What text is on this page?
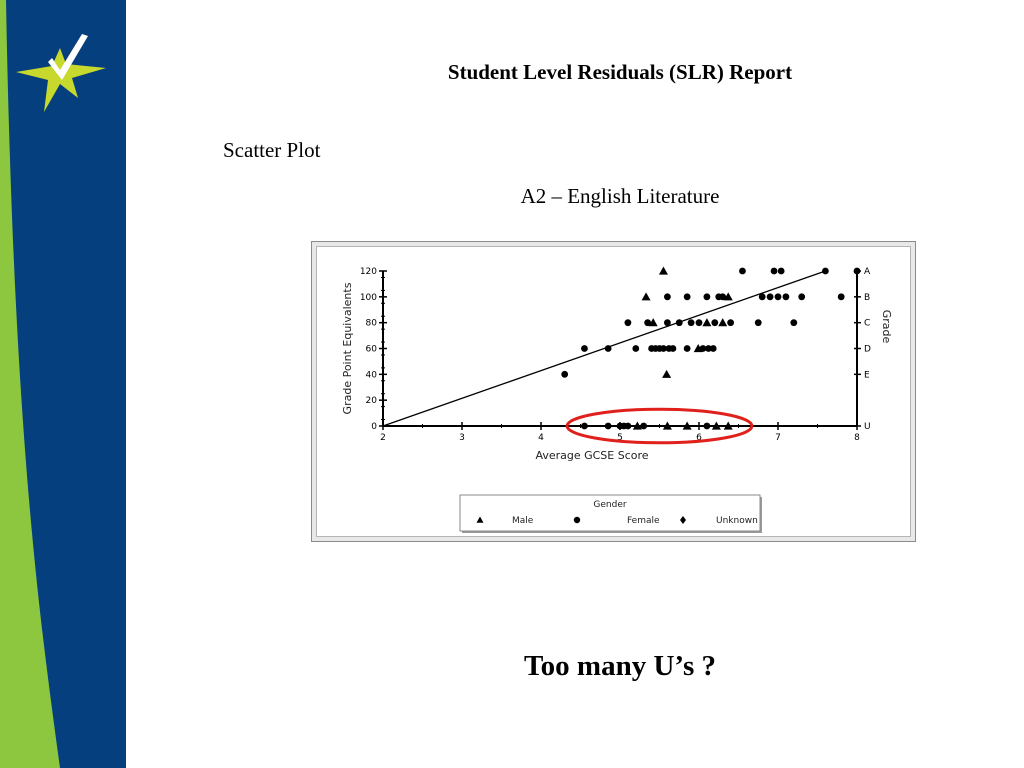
Student Level Residuals (SLR) Report
Scatter Plot
A2 – English Literature
0
20
40
60
80
100
120
2	3	4	5	6	7	8
A
B
C
D
E
U
Average GCSE Score
Grade Point Equivalents	Grade
Gender
Male	Female	Unknown
Too many U’s ?
